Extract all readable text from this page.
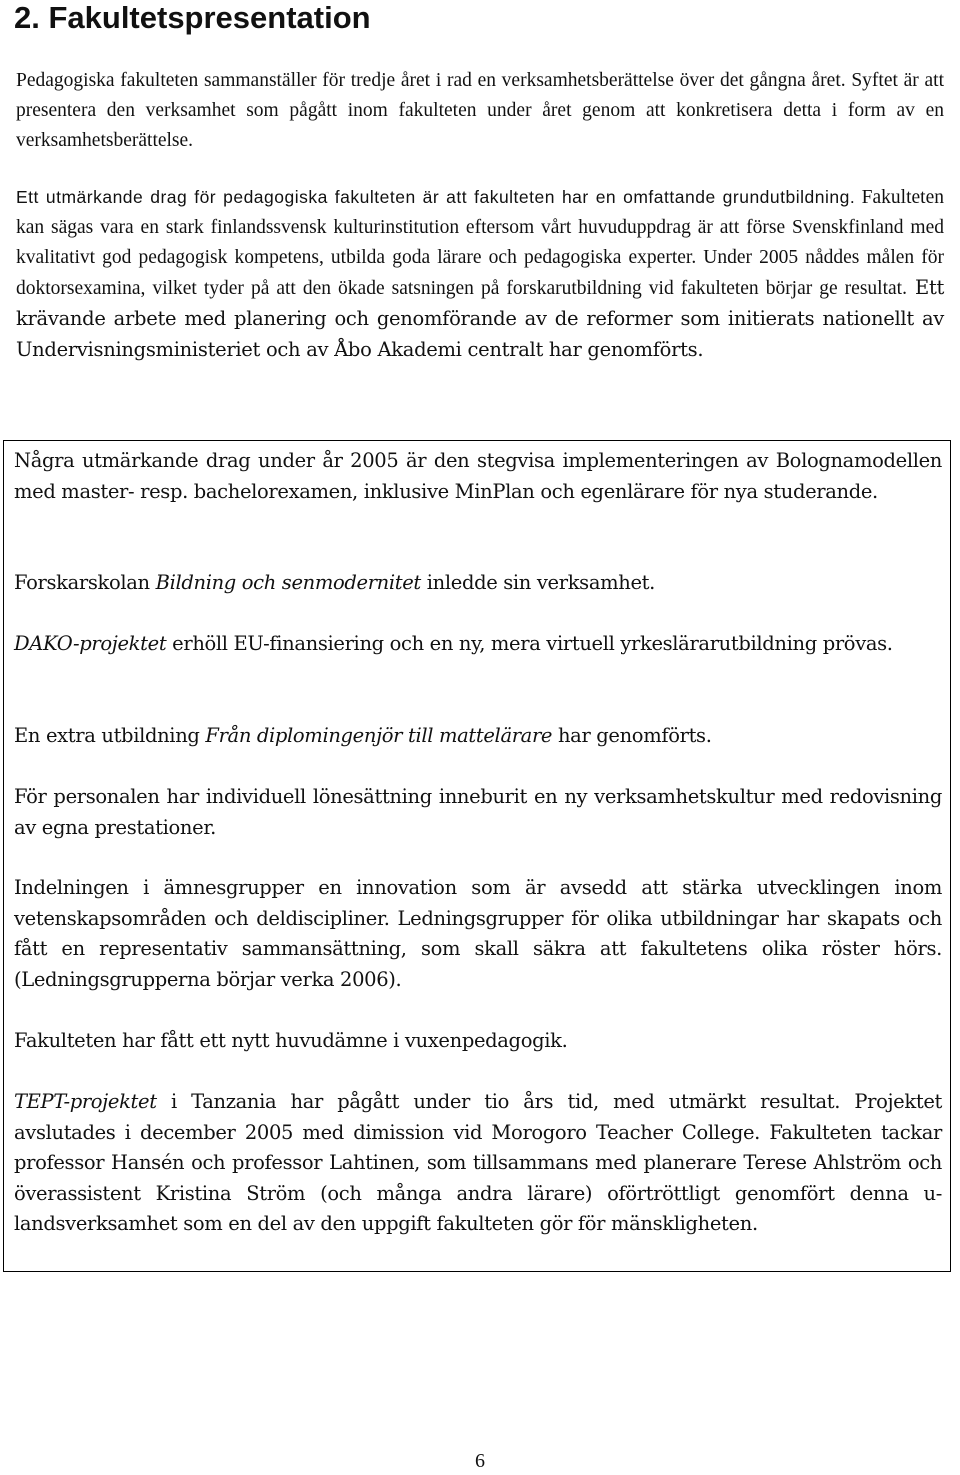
2. Fakultetspresentation

Pedagogiska fakulteten sammanställer för tredje året i rad en verksamhetsberättelse över det gångna året. Syftet är att presentera den verksamhet som pågått inom fakulteten under året genom att konkretisera detta i form av en verksamhetsberättelse.

Ett utmärkande drag för pedagogiska fakulteten är att fakulteten har en omfattande grundutbildning. Fakulteten kan sägas vara en stark finlandssvensk kulturinstitution eftersom vårt huvuduppdrag är att förse Svenskfinland med kvalitativt god pedagogisk kompetens, utbilda goda lärare och pedagogiska experter. Under 2005 nåddes målen för doktorsexamina, vilket tyder på att den ökade satsningen på forskarutbildning vid fakulteten börjar ge resultat. Ett krävande arbete med planering och genomförande av de reformer som initierats nationellt av Undervisningsministeriet och av Åbo Akademi centralt har genomförts.

Några utmärkande drag under år 2005 är den stegvisa implementeringen av Bolognamodellen med master- resp. bachelorexamen, inklusive MinPlan och egenlärare för nya studerande.

Forskarskolan Bildning och senmodernitet inledde sin verksamhet.

DAKO-projektet erhöll EU-finansiering och en ny, mera virtuell yrkeslärarutbildning prövas.

En extra utbildning Från diplomingenjör till mattelärare har genomförts.

För personalen har individuell lönesättning inneburit en ny verksamhetskultur med redovisning av egna prestationer.

Indelningen i ämnesgrupper en innovation som är avsedd att stärka utvecklingen inom vetenskapsområden och deldiscipliner. Ledningsgrupper för olika utbildningar har skapats och fått en representativ sammansättning, som skall säkra att fakultetens olika röster hörs. (Ledningsgrupperna börjar verka 2006).

Fakulteten har fått ett nytt huvudämne i vuxenpedagogik.

TEPT-projektet i Tanzania har pågått under tio års tid, med utmärkt resultat. Projektet avslutades i december 2005 med dimission vid Morogoro Teacher College. Fakulteten tackar professor Hansén och professor Lahtinen, som tillsammans med planerare Terese Ahlström och överassistent Kristina Ström (och många andra lärare) oförtröttligt genomfört denna u-landsverksamhet som en del av den uppgift fakulteten gör för mänskligheten.

6
